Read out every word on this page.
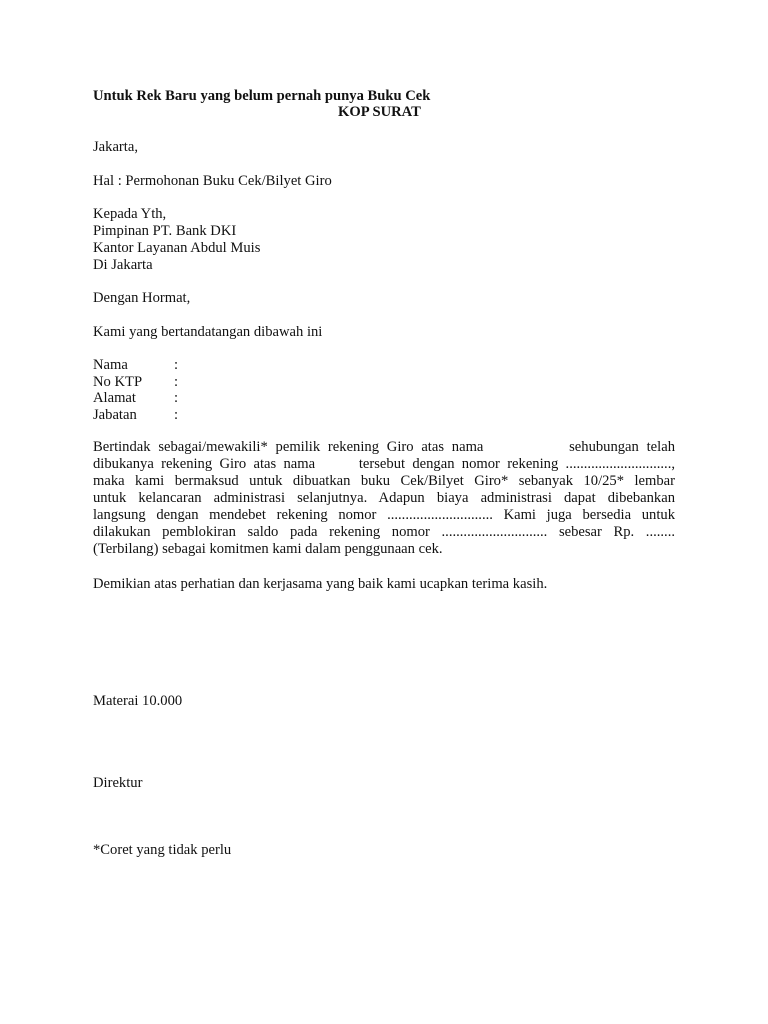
Untuk Rek Baru yang belum pernah punya Buku Cek
KOP SURAT
Jakarta,
Hal : Permohonan Buku Cek/Bilyet Giro
Kepada Yth,
Pimpinan PT. Bank DKI
Kantor Layanan Abdul Muis
Di Jakarta
Dengan Hormat,
Kami yang bertandatangan dibawah ini
Nama	:
No KTP :
Alamat	:
Jabatan	:
Bertindak sebagai/mewakili* pemilik rekening Giro atas nama           sehubungan telah
dibukanya rekening Giro atas nama      tersebut dengan nomor rekening .............................,
maka kami bermaksud untuk dibuatkan buku Cek/Bilyet Giro* sebanyak 10/25* lembar
untuk kelancaran administrasi selanjutnya. Adapun biaya administrasi dapat dibebankan
langsung dengan mendebet rekening nomor ............................. Kami juga bersedia untuk
dilakukan pemblokiran saldo pada rekening nomor ............................. sebesar Rp. ........
(Terbilang) sebagai komitmen kami dalam penggunaan cek.
Demikian atas perhatian dan kerjasama yang baik kami ucapkan terima kasih.
Materai 10.000
Direktur
*Coret yang tidak perlu
